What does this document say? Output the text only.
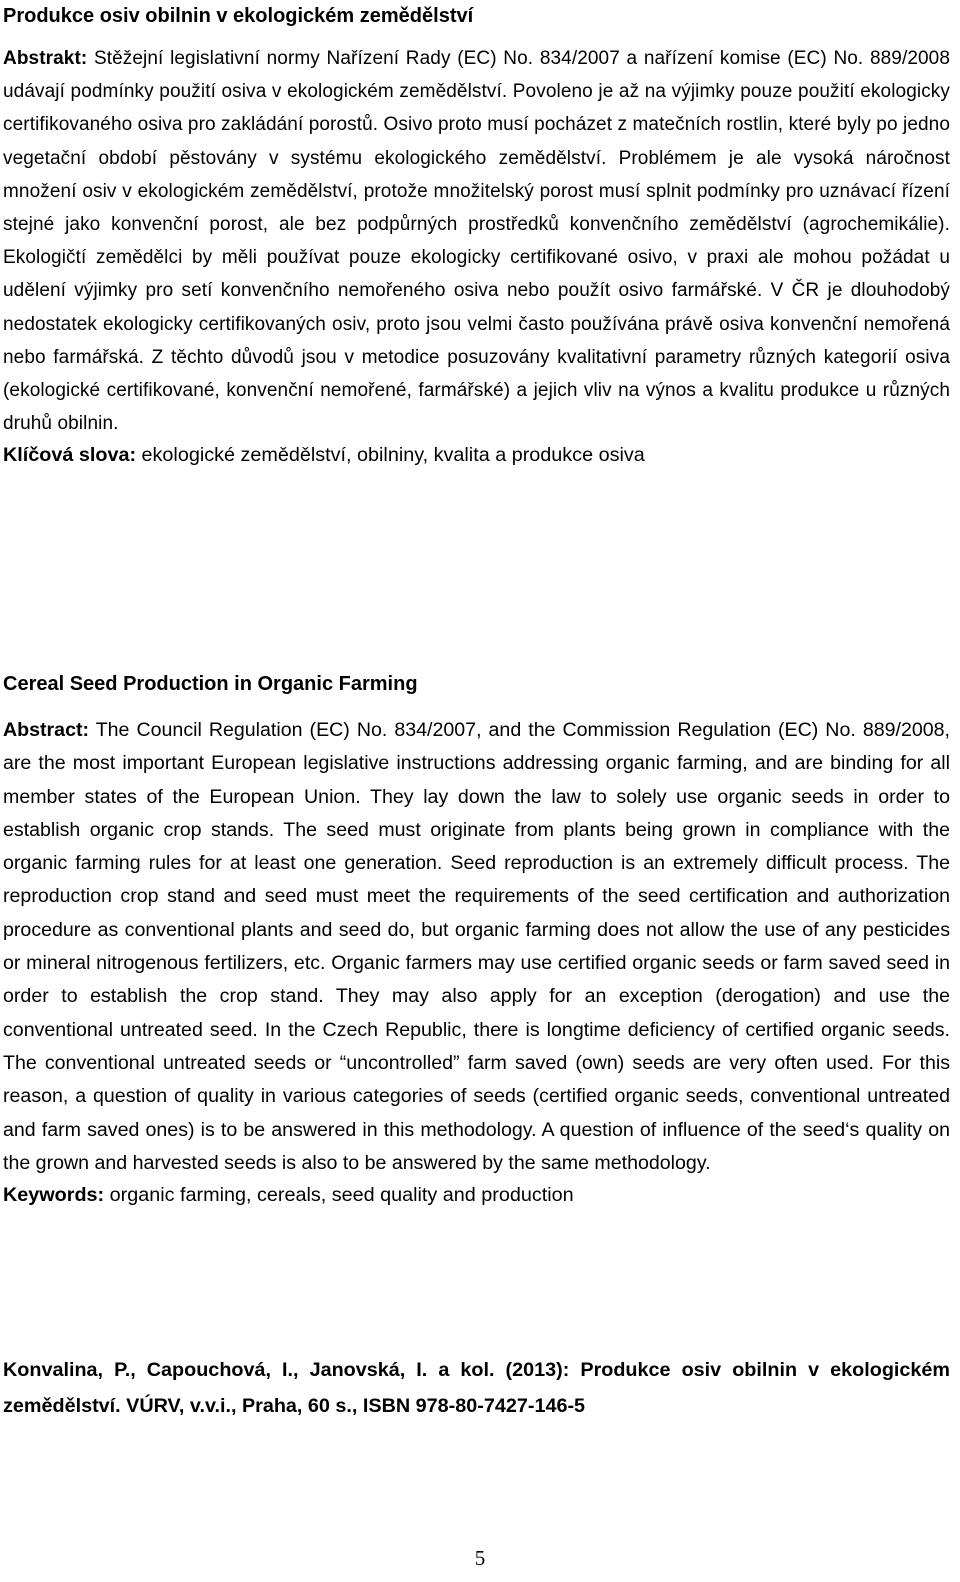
Produkce osiv obilnin v ekologickém zemědělství

Abstrakt: Stěžejní legislativní normy Nařízení Rady (EC) No. 834/2007 a nařízení komise (EC) No. 889/2008 udávají podmínky použití osiva v ekologickém zemědělství. Povoleno je až na výjimky pouze použití ekologicky certifikovaného osiva pro zakládání porostů. Osivo proto musí pocházet z matečních rostlin, které byly po jedno vegetační období pěstovány v systému ekologického zemědělství. Problémem je ale vysoká náročnost množení osiv v ekologickém zemědělství, protože množitelský porost musí splnit podmínky pro uznávací řízení stejné jako konvenční porost, ale bez podpůrných prostředků konvenčního zemědělství (agrochemikálie). Ekologičtí zemědělci by měli používat pouze ekologicky certifikované osivo, v praxi ale mohou požádat u udělení výjimky pro setí konvenčního nemořeného osiva nebo použít osivo farmářské. V ČR je dlouhodobý nedostatek ekologicky certifikovaných osiv, proto jsou velmi často používána právě osiva konvenční nemořená nebo farmářská. Z těchto důvodů jsou v metodice posuzovány kvalitativní parametry různých kategorií osiva (ekologické certifikované, konvenční nemořené, farmářské) a jejich vliv na výnos a kvalitu produkce u různých druhů obilnin.

Klíčová slova: ekologické zemědělství, obilniny, kvalita a produkce osiva

Cereal Seed Production in Organic Farming

Abstract: The Council Regulation (EC) No. 834/2007, and the Commission Regulation (EC) No. 889/2008, are the most important European legislative instructions addressing organic farming, and are binding for all member states of the European Union. They lay down the law to solely use organic seeds in order to establish organic crop stands. The seed must originate from plants being grown in compliance with the organic farming rules for at least one generation. Seed reproduction is an extremely difficult process. The reproduction crop stand and seed must meet the requirements of the seed certification and authorization procedure as conventional plants and seed do, but organic farming does not allow the use of any pesticides or mineral nitrogenous fertilizers, etc. Organic farmers may use certified organic seeds or farm saved seed in order to establish the crop stand. They may also apply for an exception (derogation) and use the conventional untreated seed. In the Czech Republic, there is longtime deficiency of certified organic seeds. The conventional untreated seeds or “uncontrolled” farm saved (own) seeds are very often used. For this reason, a question of quality in various categories of seeds (certified organic seeds, conventional untreated and farm saved ones) is to be answered in this methodology. A question of influence of the seed‘s quality on the grown and harvested seeds is also to be answered by the same methodology.

Keywords: organic farming, cereals, seed quality and production

Konvalina, P., Capouchová, I., Janovská, I. a kol. (2013): Produkce osiv obilnin v ekologickém zemědělství. VÚRV, v.v.i., Praha, 60 s., ISBN 978-80-7427-146-5

5
